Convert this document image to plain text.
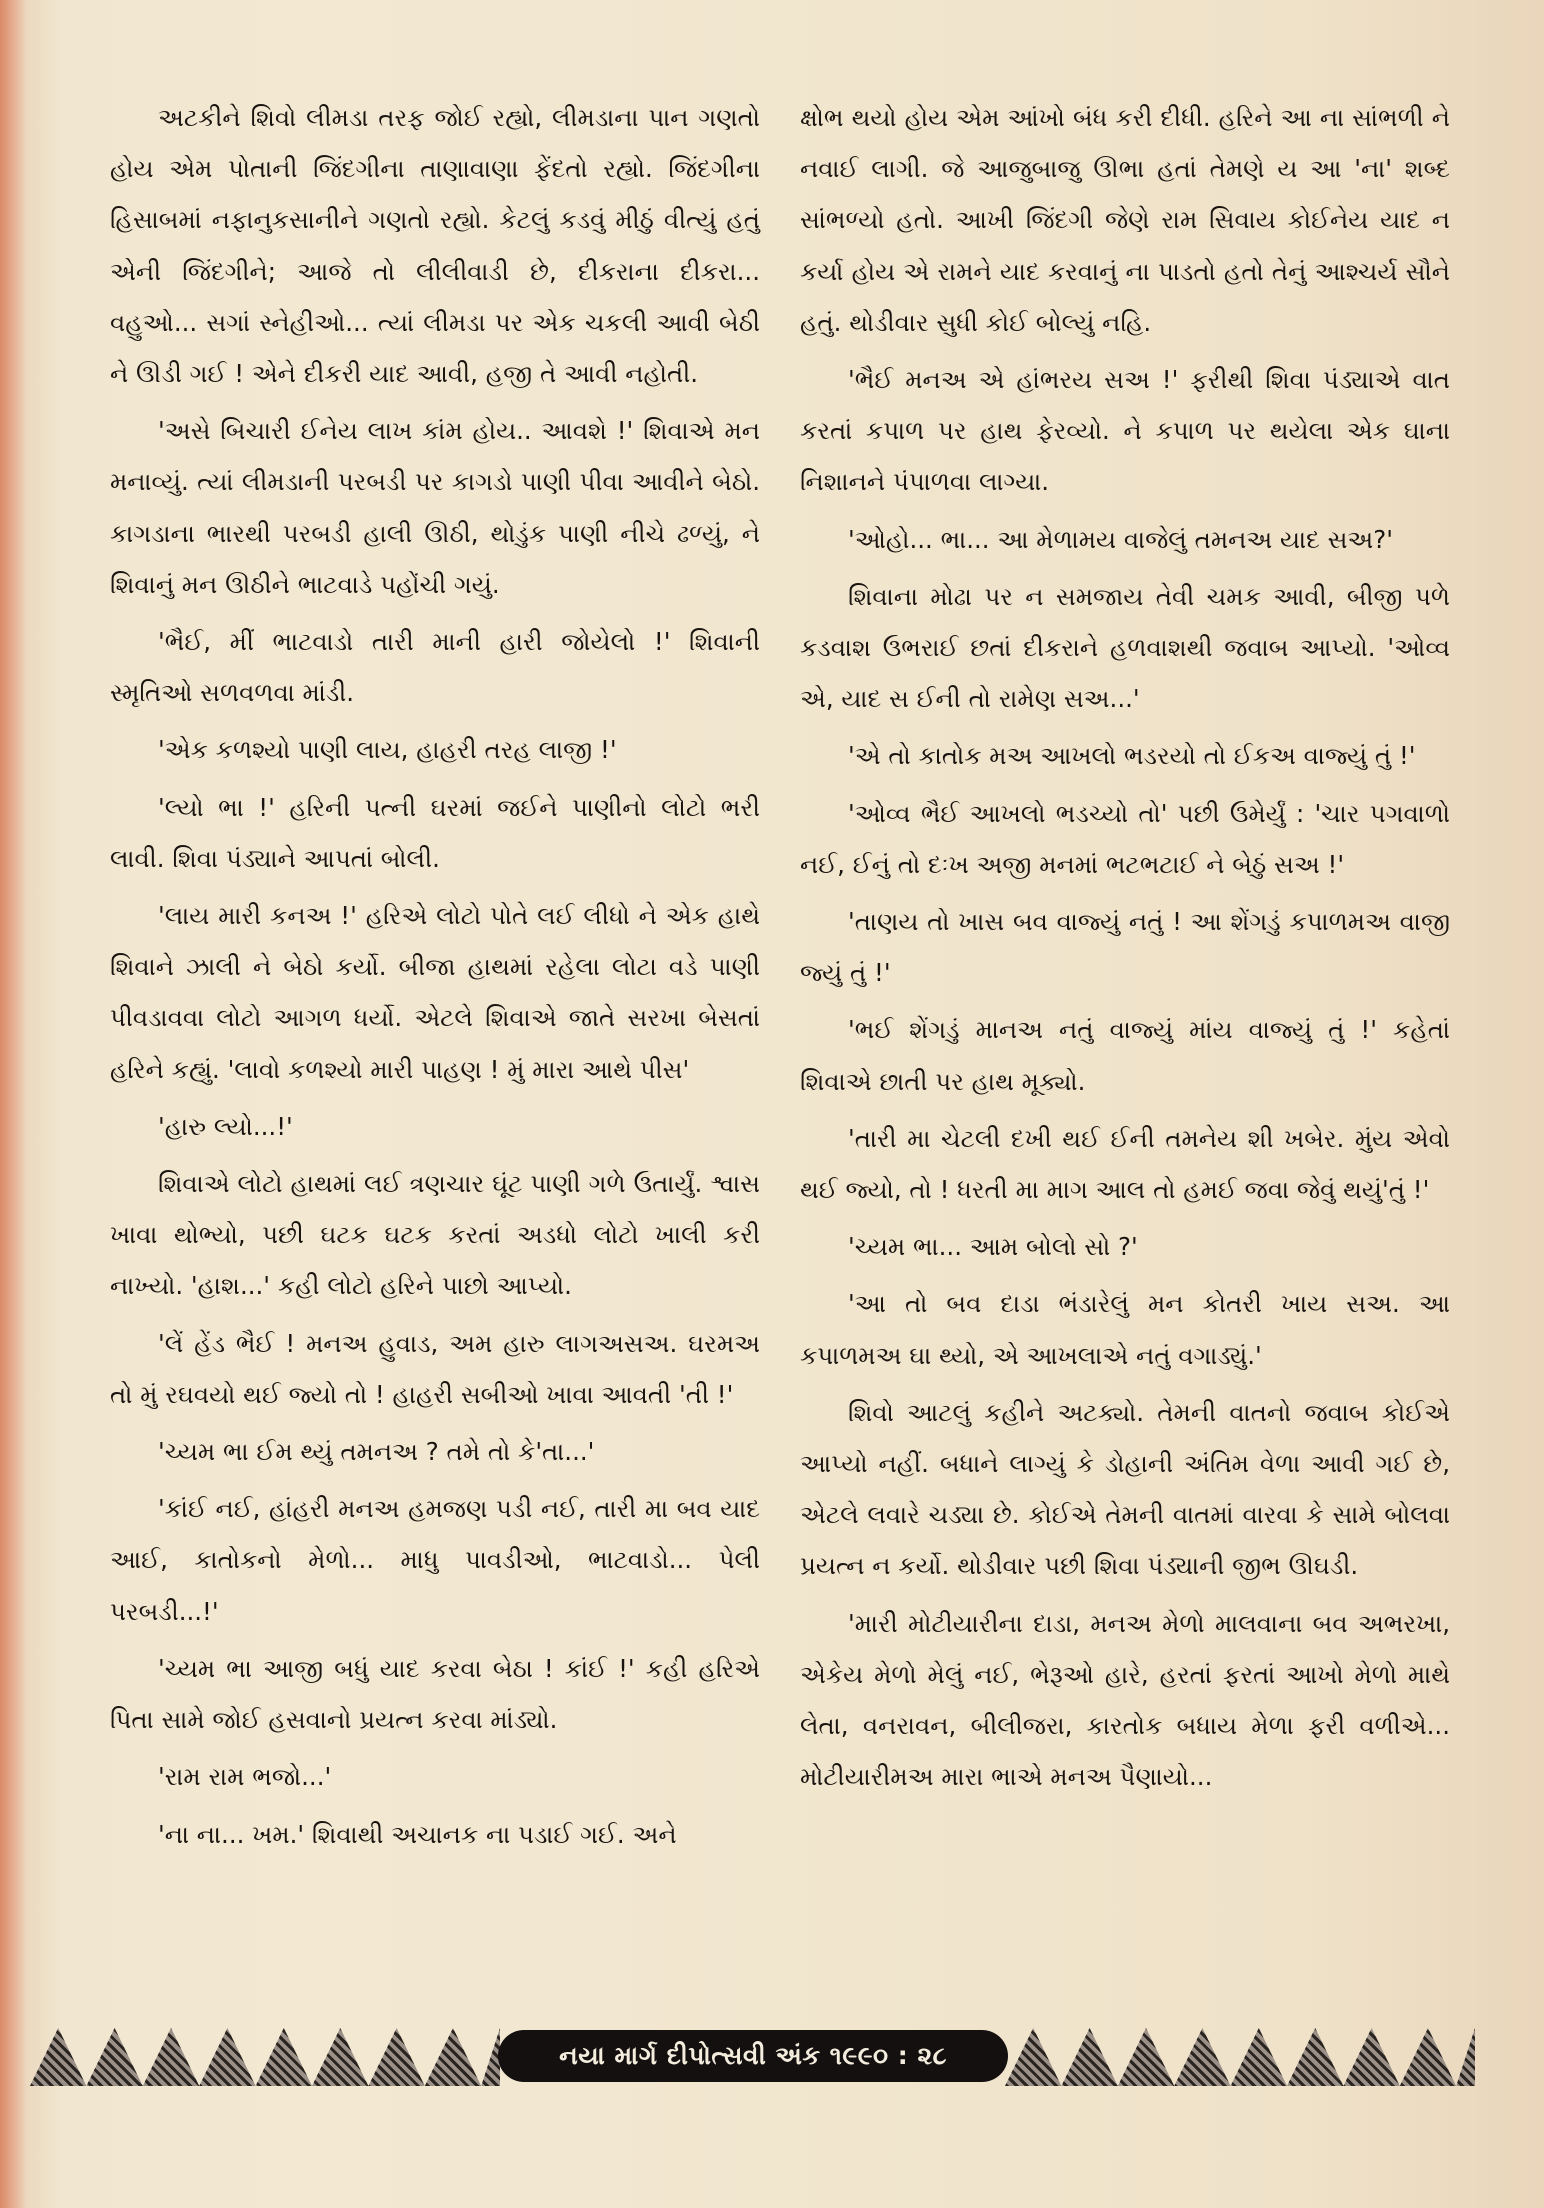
અટકીને શિવો લીમડા તરફ જોઈ રહ્યો, લીમડાના પાન ગણતો હોય એમ પોતાની જિંદગીના તાણાવાણા ફેંદતો રહ્યો. જિંદગીના હિસાબમાં નફાનુકસાનીને ગણતો રહ્યો. કેટલું કડવું મીઠું વીત્યું હતું એની જિંદગીને; આજે તો લીલીવાડી છે, દીકરાના દીકરા... વહુઓ... સગાં સ્નેહીઓ... ત્યાં લીમડા પર એક ચકલી આવી બેઠી ને ઊડી ગઈ ! એને દીકરી યાદ આવી, હજી તે આવી નહોતી.

'અસે બિચારી ઈનેય લાખ કાંમ હોય.. આવશે !' શિવાએ મન મનાવ્યું. ત્યાં લીમડાની પરબડી પર કાગડો પાણી પીવા આવીને બેઠો. કાગડાના ભારથી પરબડી હાલી ઊઠી, થોડુંક પાણી નીચે ઢળ્યું, ને શિવાનું મન ઊઠીને ભાટવાડે પહોંચી ગયું.

'ભૈઈ, મીં ભાટવાડો તારી માની હારી જોયેલો !' શિવાની સ્મૃતિઓ સળવળવા માંડી.

'એક કળશ્યો પાણી લાય, હાહરી તરહ લાજી !'

'લ્યો ભા !' હરિની પત્ની ઘરમાં જઈને પાણીનો લોટો ભરી લાવી. શિવા પંડ્યાને આપતાં બોલી.

'લાય મારી કનઅ !' હરિએ લોટો પોતે લઈ લીધો ને એક હાથે શિવાને ઝાલી ને બેઠો કર્યો. બીજા હાથમાં રહેલા લોટા વડે પાણી પીવડાવવા લોટો આગળ ધર્યો. એટલે શિવાએ જાતે સરખા બેસતાં હરિને કહ્યું. 'લાવો કળશ્યો મારી પાહણ ! મું મારા આથે પીસ'

'હારુ લ્યો...!'

શિવાએ લોટો હાથમાં લઈ ત્રણચાર ઘૂંટ પાણી ગળે ઉતાર્યું. શ્વાસ ખાવા થોભ્યો, પછી ઘટક ઘટક કરતાં અડધો લોટો ખાલી કરી નાખ્યો. 'હાશ...' કહી લોટો હરિને પાછો આપ્યો.

'લેં હેંડ ભૈઈ ! મનઅ હુવાડ, અમ હારુ લાગઅસઅ. ઘરમઅ તો મું રઘવયો થઈ જ્યો તો ! હાહરી સબીઓ ખાવા આવતી 'તી !'

'ચ્યમ ભા ઈમ થ્યું તમનઅ ? તમે તો કે'તા...'

'કાંઈ નઈ, હાંહરી મનઅ હમજણ પડી નઈ, તારી મા બવ યાદ આઈ, કાતોકનો મેળો... માધુ પાવડીઓ, ભાટવાડો... પેલી પરબડી...!'

'ચ્યમ ભા આજી બધું યાદ કરવા બેઠા ! કાંઈ !' કહી હરિએ પિતા સામે જોઈ હસવાનો પ્રયત્ન કરવા માંડ્યો.

'રામ રામ ભજો...'

'ના ના... ખમ.' શિવાથી અચાનક ના પડાઈ ગઈ. અને

ક્ષોભ થયો હોય એમ આંખો બંધ કરી દીધી. હરિને આ ના સાંભળી ને નવાઈ લાગી. જે આજુબાજુ ઊભા હતાં તેમણે ય આ 'ના' શબ્દ સાંભળ્યો હતો. આખી જિંદગી જેણે રામ સિવાય કોઈનેય યાદ ન કર્યા હોય એ રામને યાદ કરવાનું ના પાડતો હતો તેનું આશ્ચર્ય સૌને હતું. થોડીવાર સુધી કોઈ બોલ્યું નહિ.

'ભૈઈ મનઅ એ હાંભરય સઅ !' ફરીથી શિવા પંડ્યાએ વાત કરતાં કપાળ પર હાથ ફેરવ્યો. ને કપાળ પર થયેલા એક ઘાના નિશાનને પંપાળવા લાગ્યા.

'ઓહો... ભા... આ મેળામય વાજેલું તમનઅ યાદ સઅ?'

શિવાના મોઢા પર ન સમજાય તેવી ચમક આવી, બીજી પળે કડવાશ ઉભરાઈ છતાં દીકરાને હળવાશથી જવાબ આપ્યો. 'ઓવ્વ એ, યાદ સ ઈની તો રામેણ સઅ...'

'એ તો કાતોક મઅ આખલો ભડરયો તો ઈકઅ વાજ્યું તું !'

'ઓવ્વ ભૈઈ આખલો ભડચ્યો તો' પછી ઉમેર્યું : 'ચાર પગવાળો નઈ, ઈનું તો દઃખ અજી મનમાં ભટભટાઈ ને બેઠું સઅ !'

'તાણય તો ખાસ બવ વાજ્યું નતું ! આ શેંગડું કપાળમઅ વાજી જ્યું તું !'

'ભઈ શેંગડું માનઅ નતું વાજ્યું માંય વાજ્યું તું !' કહેતાં શિવાએ છાતી પર હાથ મૂક્યો.

'તારી મા ચેટલી દખી થઈ ઈની તમનેય શી ખબેર. મુંય એવો થઈ જ્યો, તો ! ધરતી મા માગ આલ તો હમઈ જવા જેવું થયું'તું !'

'ચ્યમ ભા... આમ બોલો સો ?'

'આ તો બવ દાડા ભંડારેલું મન કોતરી ખાય સઅ. આ કપાળમઅ ઘા થ્યો, એ આખલાએ નતું વગાડ્યું.'

શિવો આટલું કહીને અટક્યો. તેમની વાતનો જવાબ કોઈએ આપ્યો નહીં. બધાને લાગ્યું કે ડોહાની અંતિમ વેળા આવી ગઈ છે, એટલે લવારે ચડ્યા છે. કોઈએ તેમની વાતમાં વારવા કે સામે બોલવા પ્રયત્ન ન કર્યો. થોડીવાર પછી શિવા પંડ્યાની જીભ ઊઘડી.

'મારી મોટીયારીના દાડા, મનઅ મેળો માલવાના બવ અભરખા, એકેય મેળો મેલું નઈ, ભેરૂઓ હારે, હરતાં ફરતાં આખો મેળો માથે લેતા, વનરાવન, બીલીજરા, કારતોક બધાય મેળા ફરી વળીએ... મોટીયારીમઅ મારા ભાએ મનઅ પૈણાયો...

નયા માર્ગ દીપોત્સવી અંક ૧૯૯૦ : ૨૮
